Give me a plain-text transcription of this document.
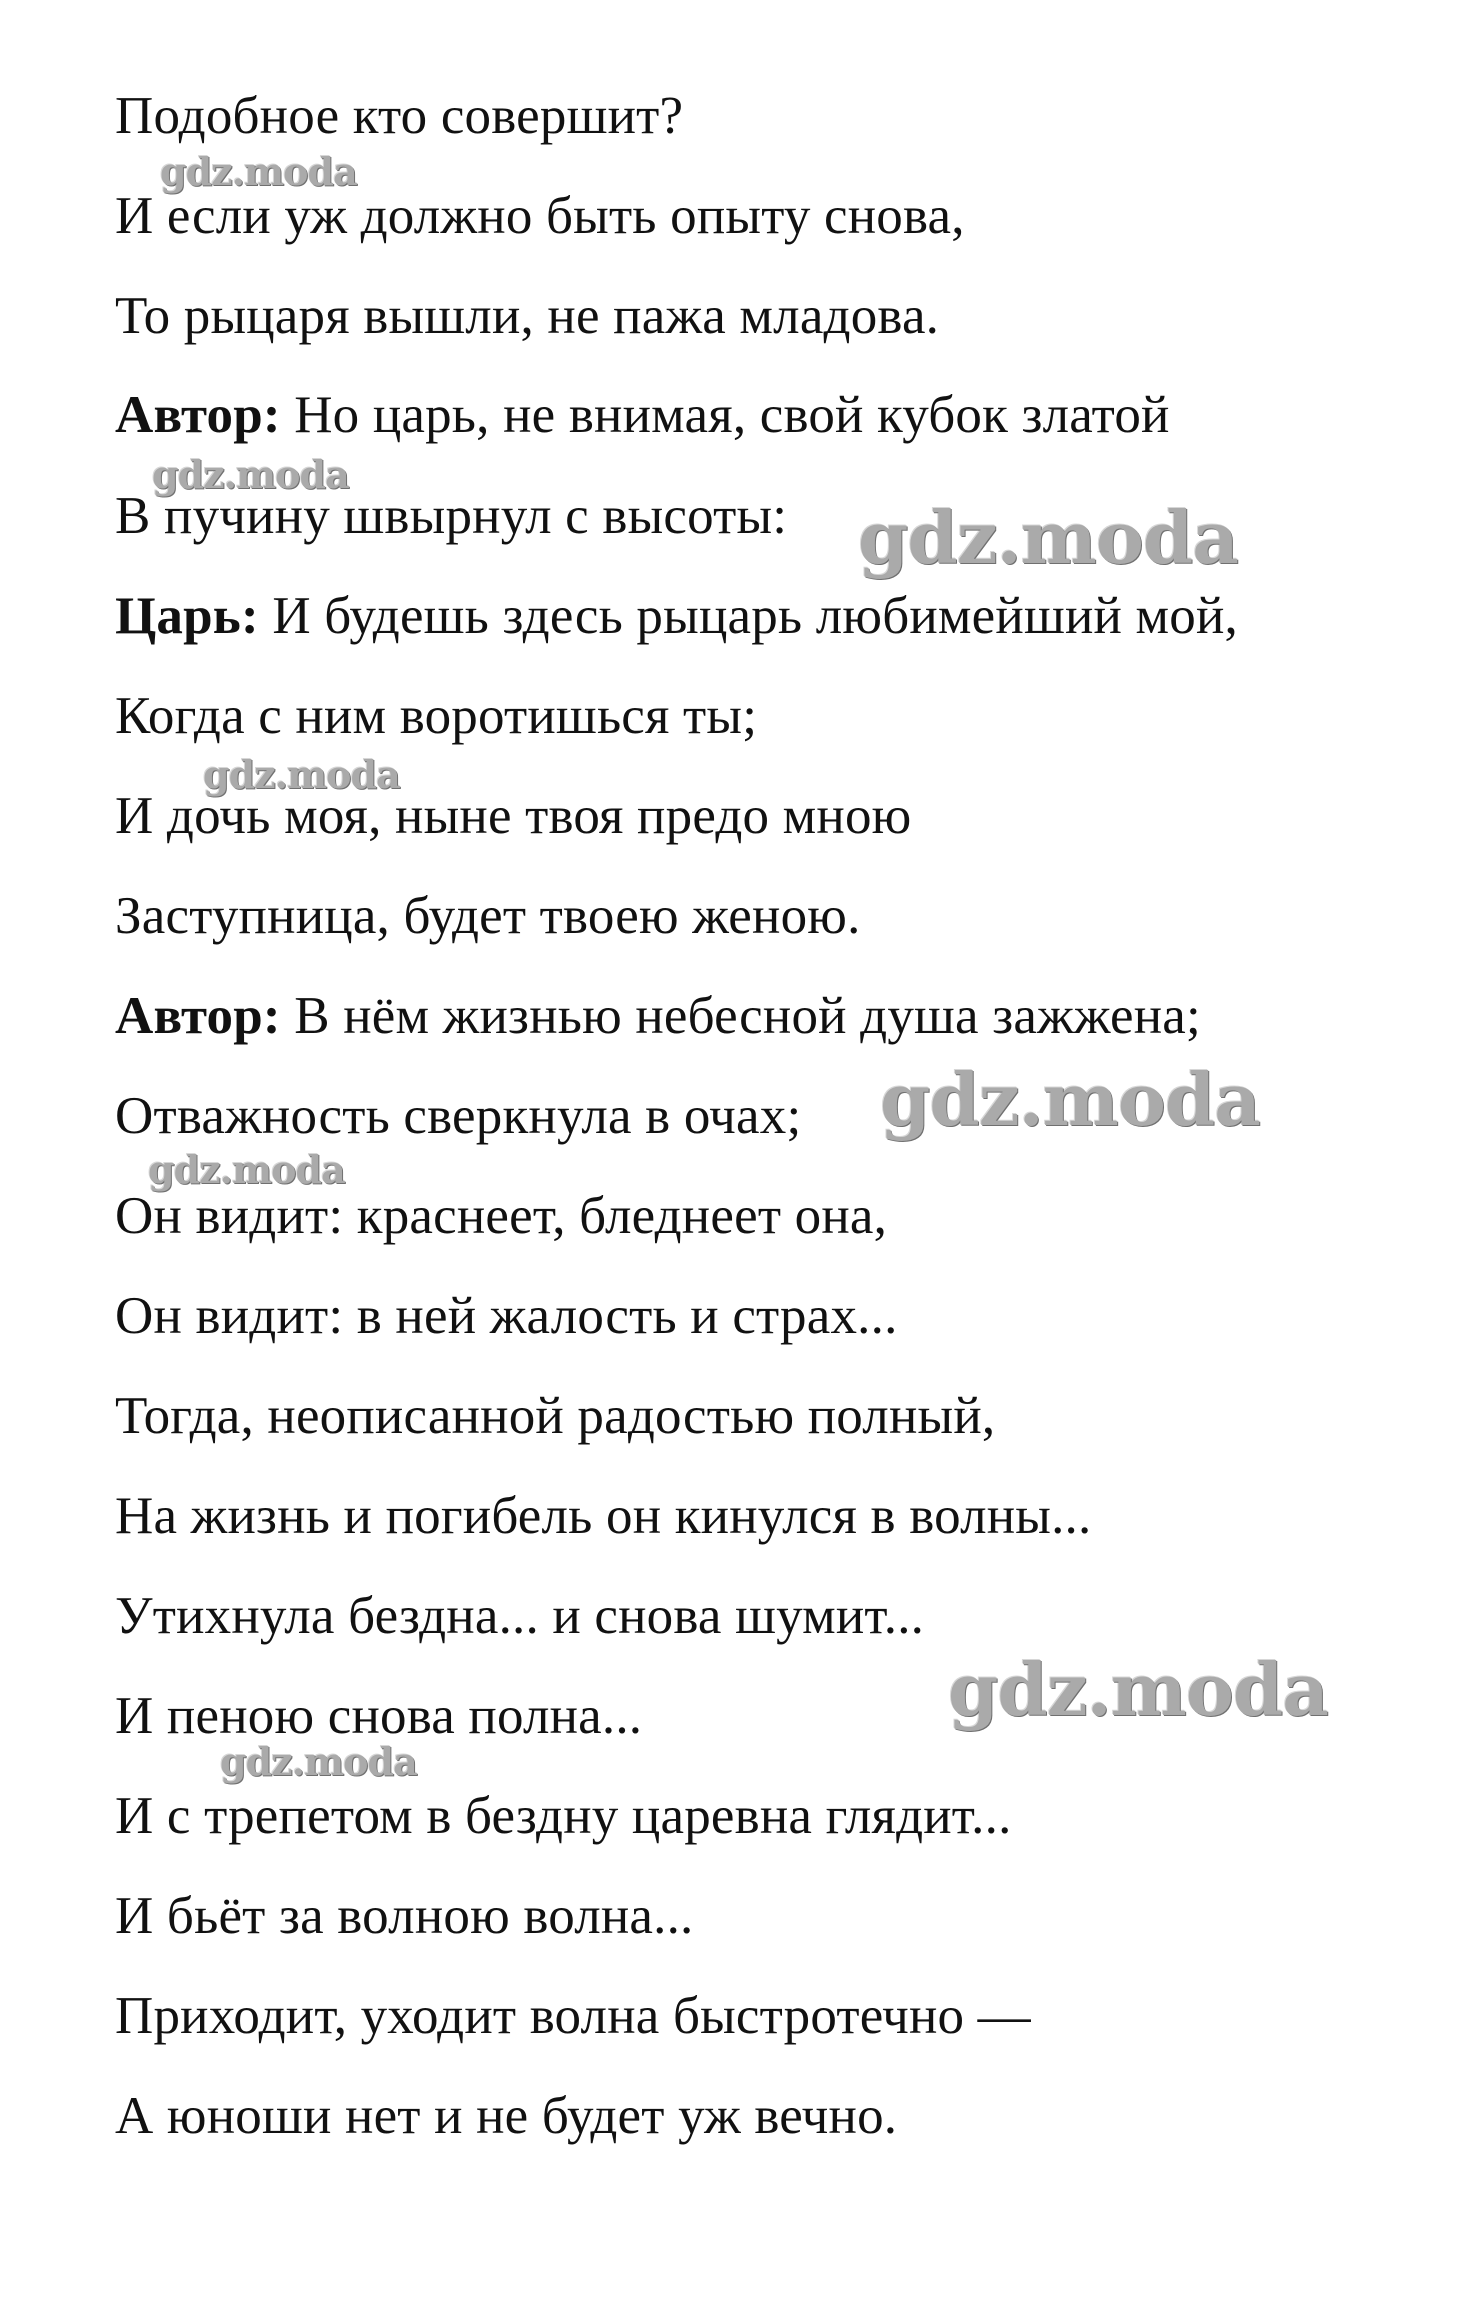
Подобное кто совершит?
И если уж должно быть опыту снова,
То рыцаря вышли, не пажа младова.
Автор: Но царь, не внимая, свой кубок златой
В пучину швырнул с высоты:
Царь: И будешь здесь рыцарь любимейший мой,
Когда с ним воротишься ты;
И дочь моя, ныне твоя предо мною
Заступница, будет твоею женою.
Автор: В нём жизнью небесной душа зажжена;
Отважность сверкнула в очах;
Он видит: краснеет, бледнеет она,
Он видит: в ней жалость и страх...
Тогда, неописанной радостью полный,
На жизнь и погибель он кинулся в волны...
Утихнула бездна... и снова шумит...
И пеною снова полна...
И с трепетом в бездну царевна глядит...
И бьёт за волною волна...
Приходит, уходит волна быстротечно —
А юноши нет и не будет уж вечно.
gdz.moda
gdz.moda
gdz.moda
gdz.moda
gdz.moda
gdz.moda
gdz.moda
gdz.moda
